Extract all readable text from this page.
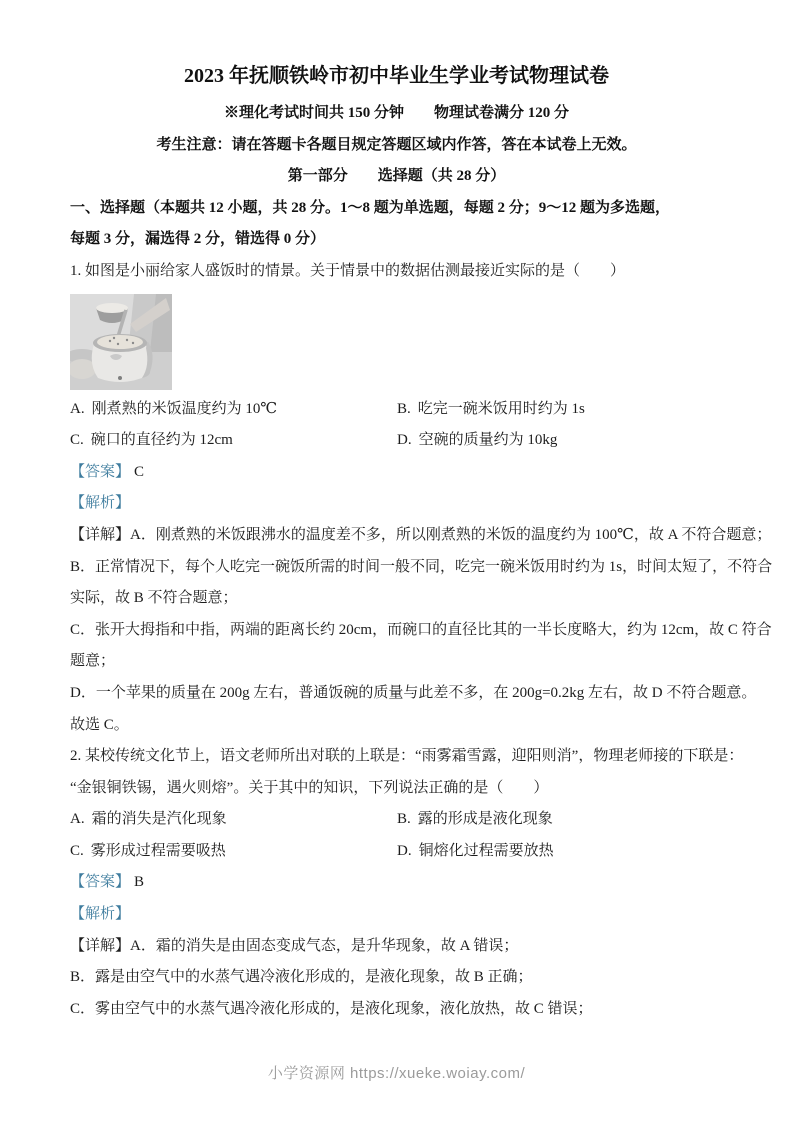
2023 年抚顺铁岭市初中毕业生学业考试物理试卷
※理化考试时间共 150 分钟　　物理试卷满分 120 分
考生注意：请在答题卡各题目规定答题区域内作答，答在本试卷上无效。
第一部分　　选择题（共 28 分）
一、选择题（本题共 12 小题，共 28 分。1～8 题为单选题，每题 2 分；9～12 题为多选题，
每题 3 分，漏选得 2 分，错选得 0 分）
1. 如图是小丽给家人盛饭时的情景。关于情景中的数据估测最接近实际的是（　　）
A. 刚煮熟的米饭温度约为 10℃	B. 吃完一碗米饭用时约为 1s
C. 碗口的直径约为 12cm	D. 空碗的质量约为 10kg
【答案】 C
【解析】
【详解】A．刚煮熟的米饭跟沸水的温度差不多，所以刚煮熟的米饭的温度约为 100℃，故 A 不符合题意；
B．正常情况下，每个人吃完一碗饭所需的时间一般不同，吃完一碗米饭用时约为 1s，时间太短了，不符合
实际，故 B 不符合题意；
C．张开大拇指和中指，两端的距离长约 20cm，而碗口的直径比其的一半长度略大，约为 12cm，故 C 符合
题意；
D．一个苹果的质量在 200g 左右，普通饭碗的质量与此差不多，在 200g=0.2kg 左右，故 D 不符合题意。
故选 C。
2. 某校传统文化节上，语文老师所出对联的上联是：“雨雾霜雪露，迎阳则消”，物理老师接的下联是：
“金银铜铁锡，遇火则熔”。关于其中的知识，下列说法正确的是（　　）
A. 霜的消失是汽化现象	B. 露的形成是液化现象
C. 雾形成过程需要吸热	D. 铜熔化过程需要放热
【答案】 B
【解析】
【详解】A．霜的消失是由固态变成气态，是升华现象，故 A 错误；
B．露是由空气中的水蒸气遇冷液化形成的，是液化现象，故 B 正确；
C．雾由空气中的水蒸气遇冷液化形成的，是液化现象，液化放热，故 C 错误；
小学资源网 https://xueke.woiay.com/
